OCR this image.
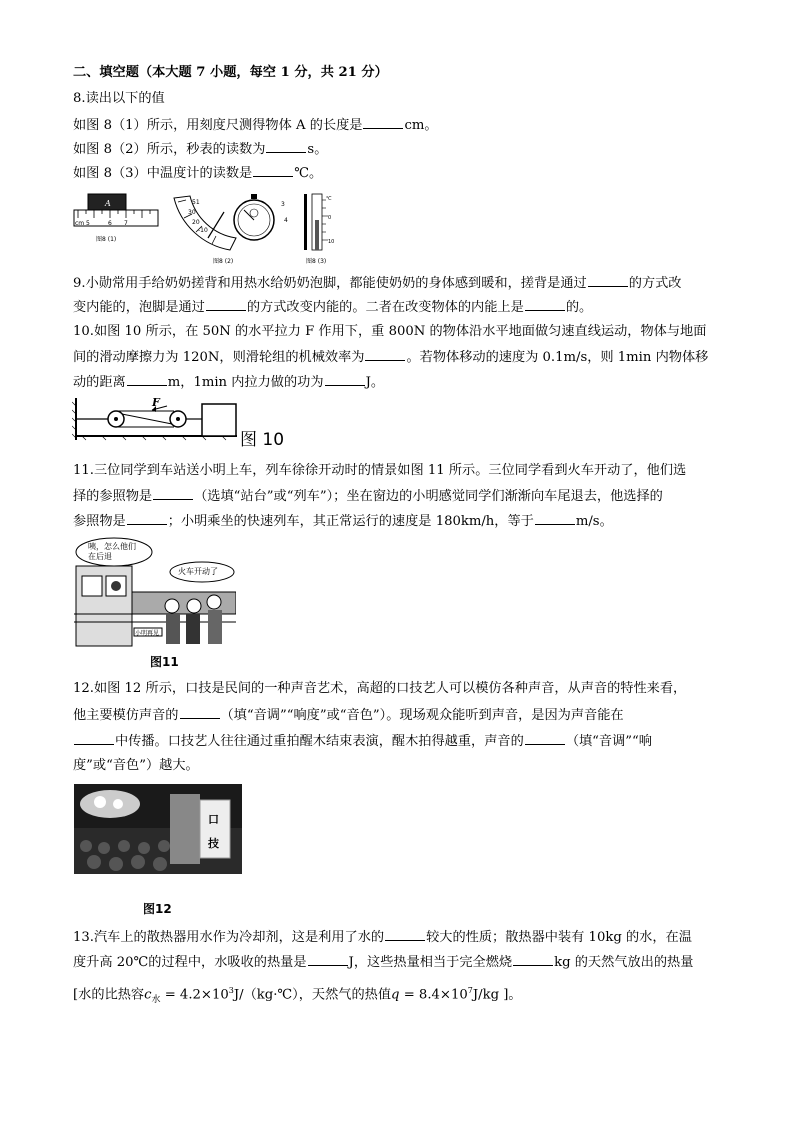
二、填空题（本大题 7 小题，每空 1 分，共 21 分）
8.读出以下的值
如图 8（1）所示，用刻度尺测得物体 A 的长度是	cm。
如图 8（2）所示，秒表的读数为	s。
如图 8（3）中温度计的读数是	℃。
A
cm 5	6 7
图8 (1)
51
30
20
-10
3
4
图8 (2)
℃
0
10
图8 (3)
9.小勋常用手给奶奶搓背和用热水给奶奶泡脚，都能使奶奶的身体感到暖和，搓背是通过	的方式改
变内能的，泡脚是通过	的方式改变内能的。二者在改变物体的内能上是	的。
10.如图 10 所示，在 50N 的水平拉力 F 作用下，重 800N 的物体沿水平地面做匀速直线运动，物体与地面
间的滑动摩擦力为 120N，则滑轮组的机械效率为	。若物体移动的速度为 0.1m/s，则 1min 内物体移
动的距离	m，1min 内拉力做的功为	J。
F
图 10
11.三位同学到车站送小明上车，列车徐徐开动时的情景如图 11 所示。三位同学看到火车开动了，他们选
择的参照物是	（选填“站台”或“列车”）；坐在窗边的小明感觉同学们渐渐向车尾退去，他选择的
参照物是	；小明乘坐的快速列车，其正常运行的速度是 180km/h，等于	m/s。
咦，怎么他们在后退
火车开动了
小明再见
图11
12.如图 12 所示，口技是民间的一种声音艺术，高超的口技艺人可以模仿各种声音，从声音的特性来看，
他主要模仿声音的	（填“音调”“响度”或“音色”）。现场观众能听到声音，是因为声音能在
中传播。口技艺人往往通过重拍醒木结束表演，醒木拍得越重，声音的	（填“音调”“响
度”或“音色”）越大。
口
技
图12
13.汽车上的散热器用水作为冷却剂，这是利用了水的	较大的性质；散热器中装有 10kg 的水，在温
度升高 20℃的过程中，水吸收的热量是	J，这些热量相当于完全燃烧	kg 的天然气放出的热量
[水的比热容$c_水$ = $4.2\times 10^3J/(kg\cdot℃)$，天然气的热值$q = 8.4\times 10^7J/kg$ ]。
